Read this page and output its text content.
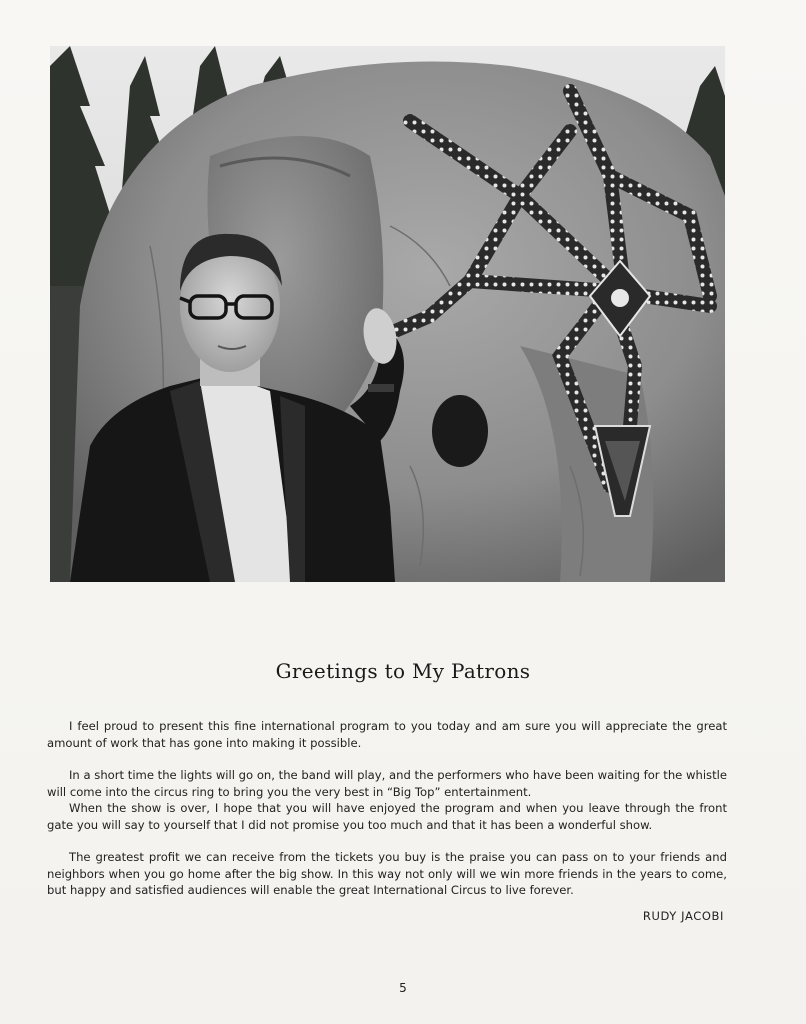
Greetings to My Patrons

I feel proud to present this fine international program to you today and am sure you will appreciate the great amount of work that has gone into making it possible.

In a short time the lights will go on, the band will play, and the performers who have been waiting for the whistle will come into the circus ring to bring you the very best in “Big Top” entertainment.

When the show is over, I hope that you will have enjoyed the program and when you leave through the front gate you will say to yourself that I did not promise you too much and that it has been a wonderful show.

The greatest profit we can receive from the tickets you buy is the praise you can pass on to your friends and neighbors when you go home after the big show. In this way not only will we win more friends in the years to come, but happy and satisfied audiences will enable the great International Circus to live forever.

RUDY JACOBI
5
